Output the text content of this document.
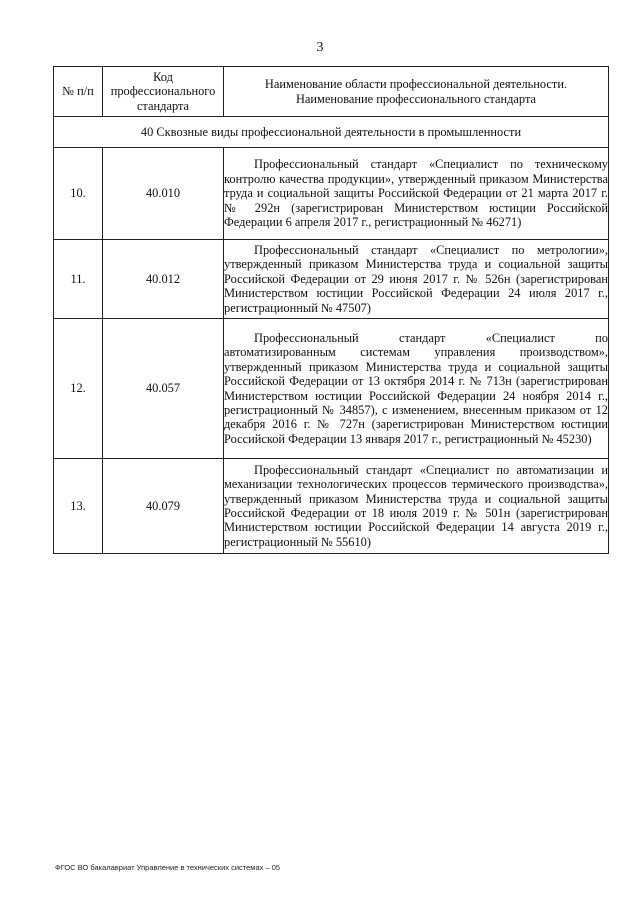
3
№ п/п	Код профессионального стандарта	Наименование области профессиональной деятельности. Наименование профессионального стандарта
40 Сквозные виды профессиональной деятельности в промышленности		
10.	40.010	Профессиональный стандарт «Специалист по техническому контролю качества продукции», утвержденный приказом Министерства труда и социальной защиты Российской Федерации от 21 марта 2017 г. № 292н (зарегистрирован Министерством юстиции Российской Федерации 6 апреля 2017 г., регистрационный № 46271)
11.	40.012	Профессиональный стандарт «Специалист по метрологии», утвержденный приказом Министерства труда и социальной защиты Российской Федерации от 29 июня 2017 г. № 526н (зарегистрирован Министерством юстиции Российской Федерации 24 июля 2017 г., регистрационный № 47507)
12.	40.057	Профессиональный стандарт «Специалист по автоматизированным системам управления производством», утвержденный приказом Министерства труда и социальной защиты Российской Федерации от 13 октября 2014 г. № 713н (зарегистрирован Министерством юстиции Российской Федерации 24 ноября 2014 г., регистрационный № 34857), с изменением, внесенным приказом от 12 декабря 2016 г. № 727н (зарегистрирован Министерством юстиции Российской Федерации 13 января 2017 г., регистрационный № 45230)
13.	40.079	Профессиональный стандарт «Специалист по автоматизации и механизации технологических процессов термического производства», утвержденный приказом Министерства труда и социальной защиты Российской Федерации от 18 июля 2019 г. № 501н (зарегистрирован Министерством юстиции Российской Федерации 14 августа 2019 г., регистрационный № 55610)
ФГОС ВО бакалавриат Управление в технических системах – 05
